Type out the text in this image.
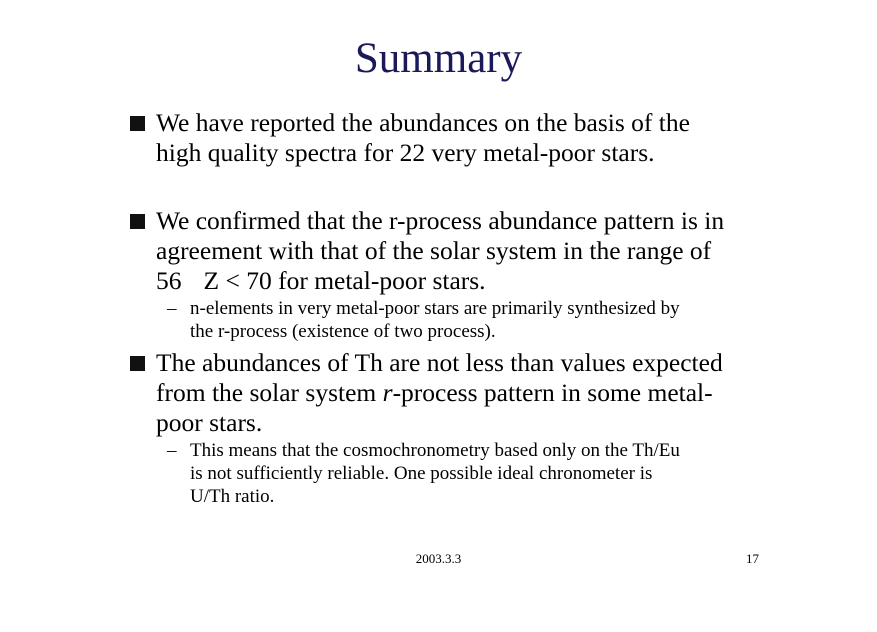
Summary
We have reported the abundances on the basis of the
high quality spectra for 22 very metal-poor stars.
We confirmed that the r-process abundance pattern is in
agreement with that of the solar system in the range of
56 Z < 70 for metal-poor stars.
– n-elements in very metal-poor stars are primarily synthesized by
the r-process (existence of two process).
The abundances of Th are not less than values expected
from the solar system r-process pattern in some metal-
poor stars.
– This means that the cosmochronometry based only on the Th/Eu
is not sufficiently reliable. One possible ideal chronometer is
U/Th ratio.
2003.3.3	17
